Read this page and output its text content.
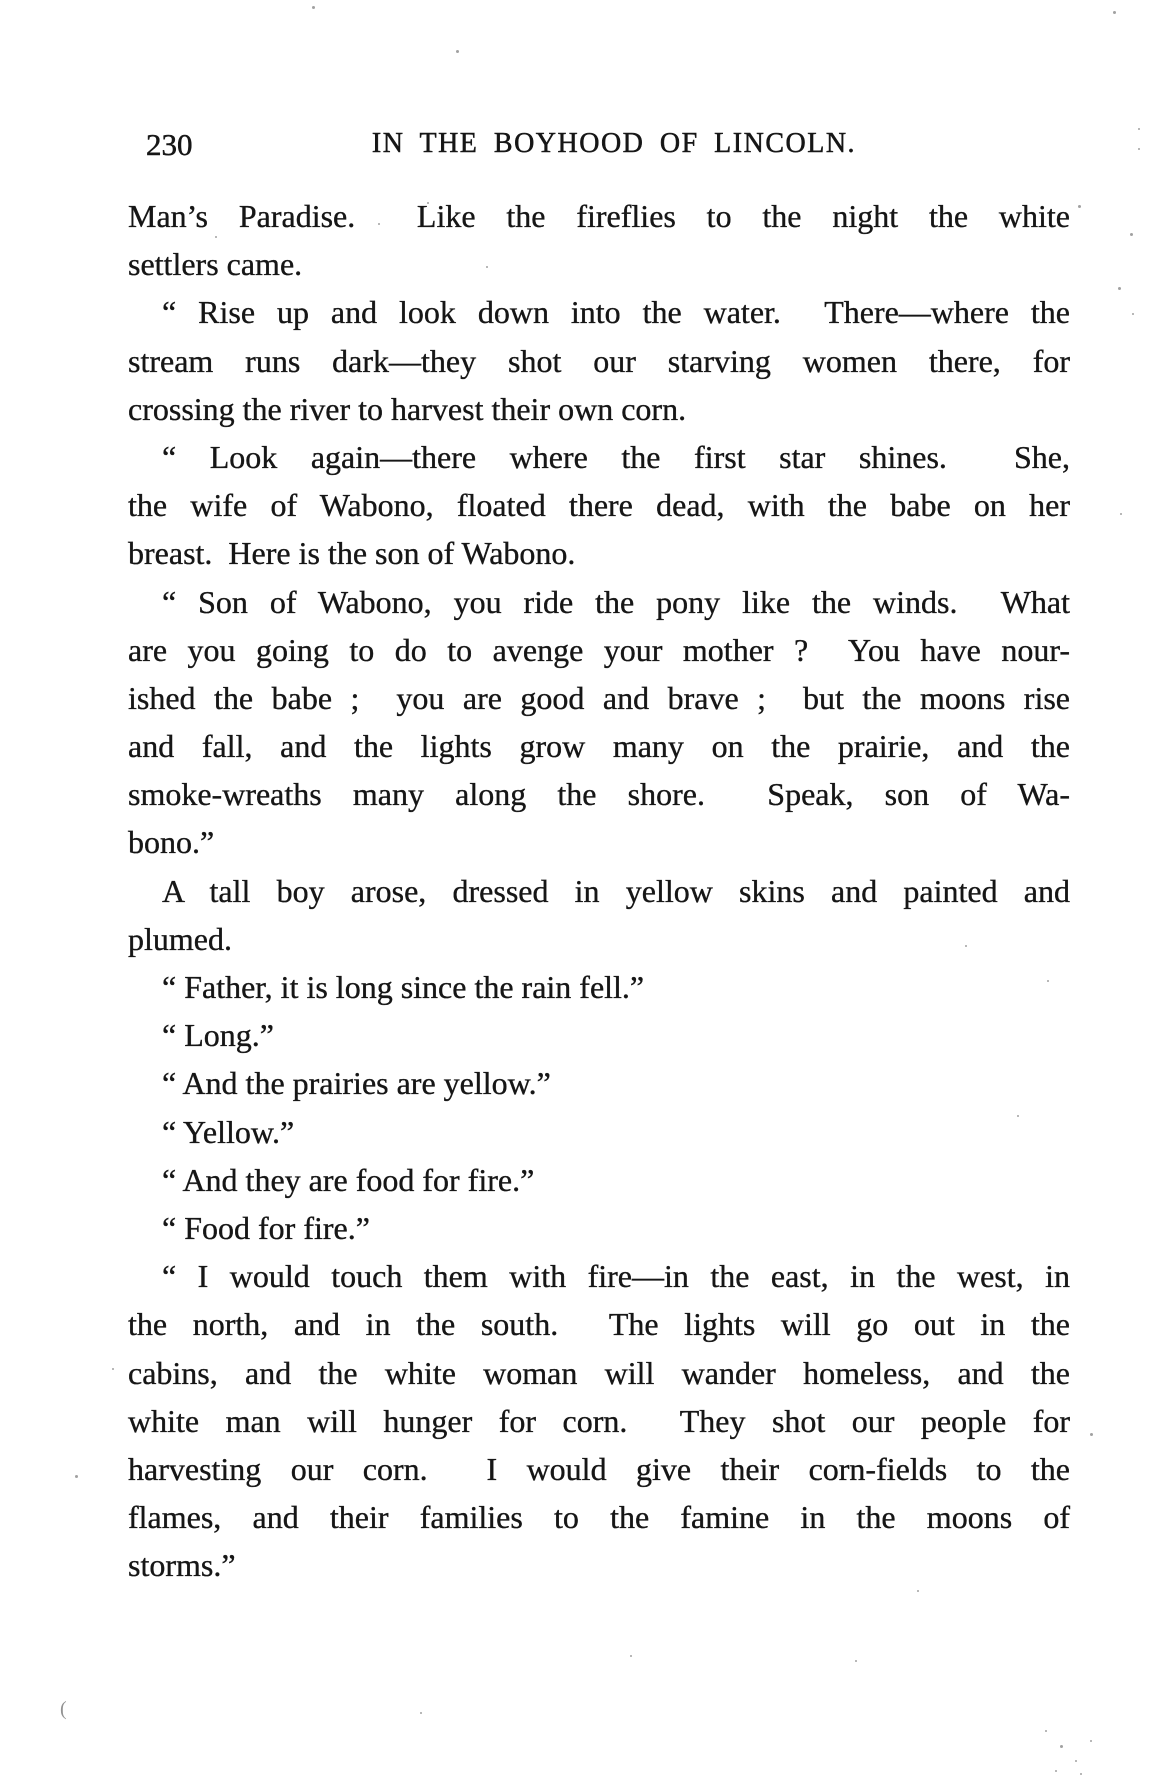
230	IN THE BOYHOOD OF LINCOLN.
Man’s Paradise.  Like the fireflies to the night the white
settlers came.
“ Rise up and look down into the water.  There—where the
stream runs dark—they shot our starving women there, for
crossing the river to harvest their own corn.
“ Look again—there where the first star shines.  She,
the wife of Wabono, floated there dead, with the babe on her
breast.  Here is the son of Wabono.
“ Son of Wabono, you ride the pony like the winds.  What
are you going to do to avenge your mother ?  You have nour-
ished the babe ;  you are good and brave ;  but the moons rise
and fall, and the lights grow many on the prairie, and the
smoke-wreaths many along the shore.  Speak, son of Wa-
bono.”
A tall boy arose, dressed in yellow skins and painted and
plumed.
“ Father, it is long since the rain fell.”
“ Long.”
“ And the prairies are yellow.”
“ Yellow.”
“ And they are food for fire.”
“ Food for fire.”
“ I would touch them with fire—in the east, in the west, in
the north, and in the south.  The lights will go out in the
cabins, and the white woman will wander homeless, and the
white man will hunger for corn.  They shot our people for
harvesting our corn.  I would give their corn-fields to the
flames, and their families to the famine in the moons of
storms.”
(
